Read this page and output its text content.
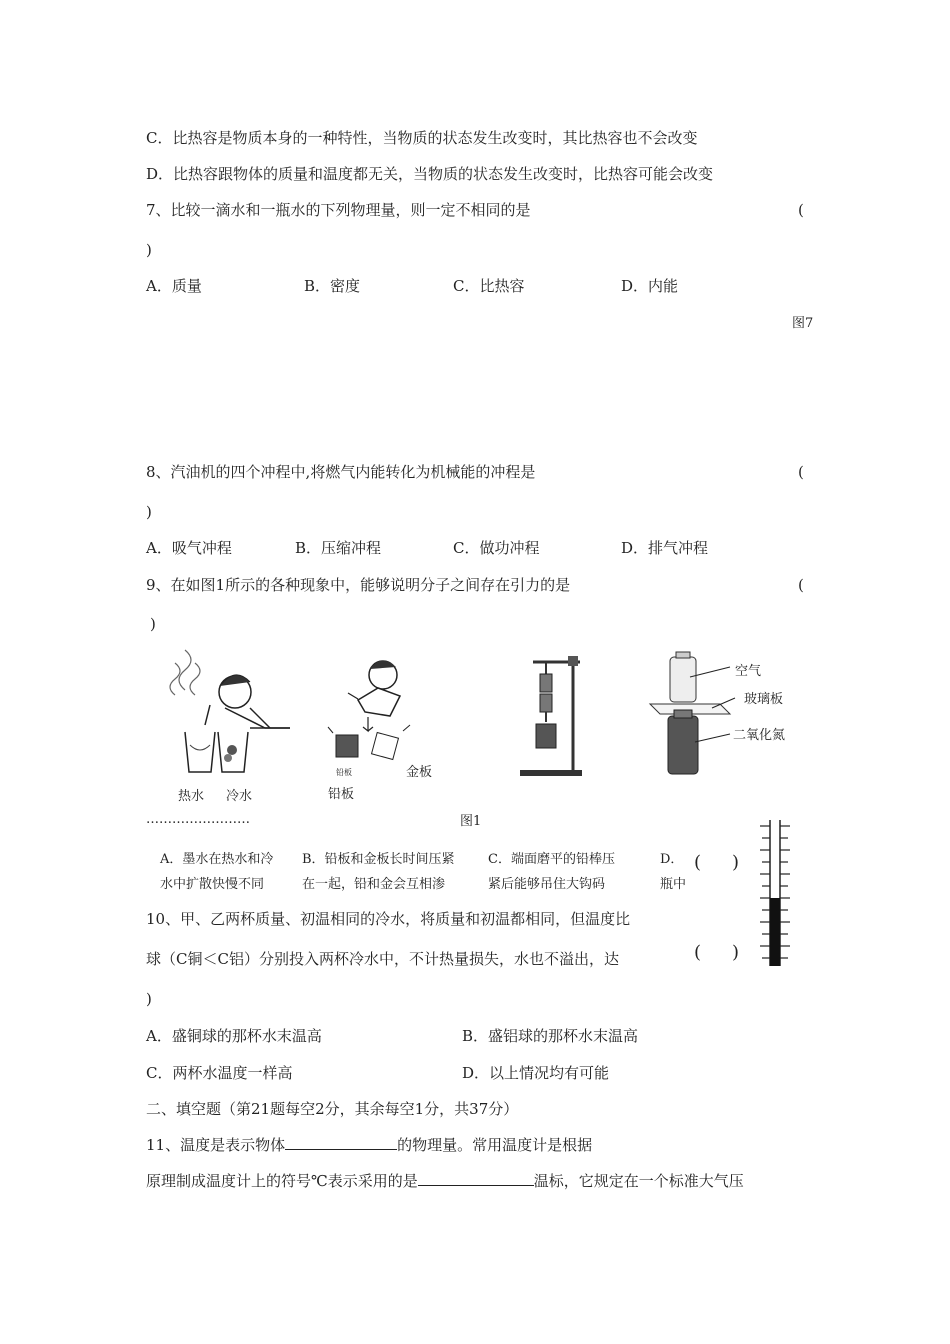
C．比热容是物质本身的一种特性，当物质的状态发生改变时，其比热容也不会改变
D．比热容跟物体的质量和温度都无关，当物质的状态发生改变时，比热容可能会改变
7、比较一滴水和一瓶水的下列物理量，则一定不相同的是	(
)
A．质量	B．密度	C．比热容	D．内能
图7
8、汽油机的四个冲程中,将燃气内能转化为机械能的冲程是	(
)
A．吸气冲程	B．压缩冲程	C．做功冲程	D．排气冲程
9、在如图1所示的各种现象中，能够说明分子之间存在引力的是	(
)
热水 冷水
铅板	金板
铅板
空气
玻璃板
二氧化氮
……………………	图1
A．墨水在热水和冷
水中扩散快慢不同
B．铅板和金板长时间压紧
在一起，铅和金会互相渗
C．端面磨平的铅棒压
紧后能够吊住大钩码
D．
瓶中
( )
( )
10、甲、乙两杯质量、初温相同的冷水，将质量和初温都相同，但温度比
球（C铜＜C铝）分别投入两杯冷水中，不计热量损失，水也不溢出，达
)
A．盛铜球的那杯水末温高	B．盛铝球的那杯水末温高
C．两杯水温度一样高	D．以上情况均有可能
二、填空题（第21题每空2分，其余每空1分，共37分）
11、温度是表示物体	的物理量。常用温度计是根据
原理制成温度计上的符号℃表示采用的是	温标，它规定在一个标准大气压
